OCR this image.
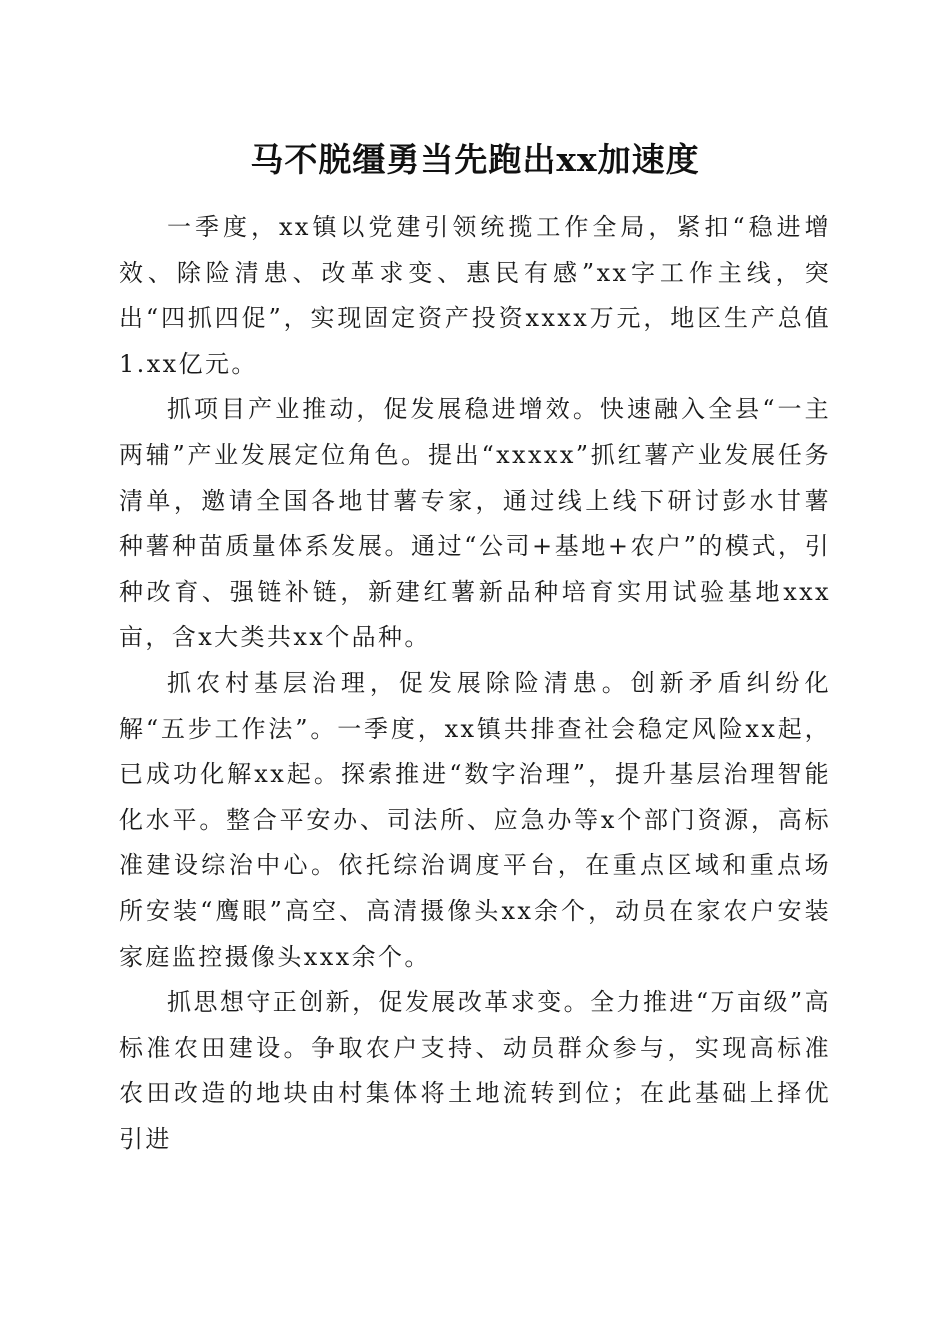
马不脱缰勇当先跑出xx加速度

一季度，xx镇以党建引领统揽工作全局，紧扣“稳进增效、除险清患、改革求变、惠民有感”xx字工作主线，突出“四抓四促”，实现固定资产投资xxxx万元，地区生产总值1.xx亿元。

抓项目产业推动，促发展稳进增效。快速融入全县“一主两辅”产业发展定位角色。提出“xxxxx”抓红薯产业发展任务清单，邀请全国各地甘薯专家，通过线上线下研讨彭水甘薯种薯种苗质量体系发展。通过“公司+基地+农户”的模式，引种改育、强链补链，新建红薯新品种培育实用试验基地xxx亩，含x大类共xx个品种。

抓农村基层治理，促发展除险清患。创新矛盾纠纷化解“五步工作法”。一季度，xx镇共排查社会稳定风险xx起，已成功化解xx起。探索推进“数字治理”，提升基层治理智能化水平。整合平安办、司法所、应急办等x个部门资源，高标准建设综治中心。依托综治调度平台，在重点区域和重点场所安装“鹰眼”高空、高清摄像头xx余个，动员在家农户安装家庭监控摄像头xxx余个。

抓思想守正创新，促发展改革求变。全力推进“万亩级”高标准农田建设。争取农户支持、动员群众参与，实现高标准农田改造的地块由村集体将土地流转到位；在此基础上择优引进
